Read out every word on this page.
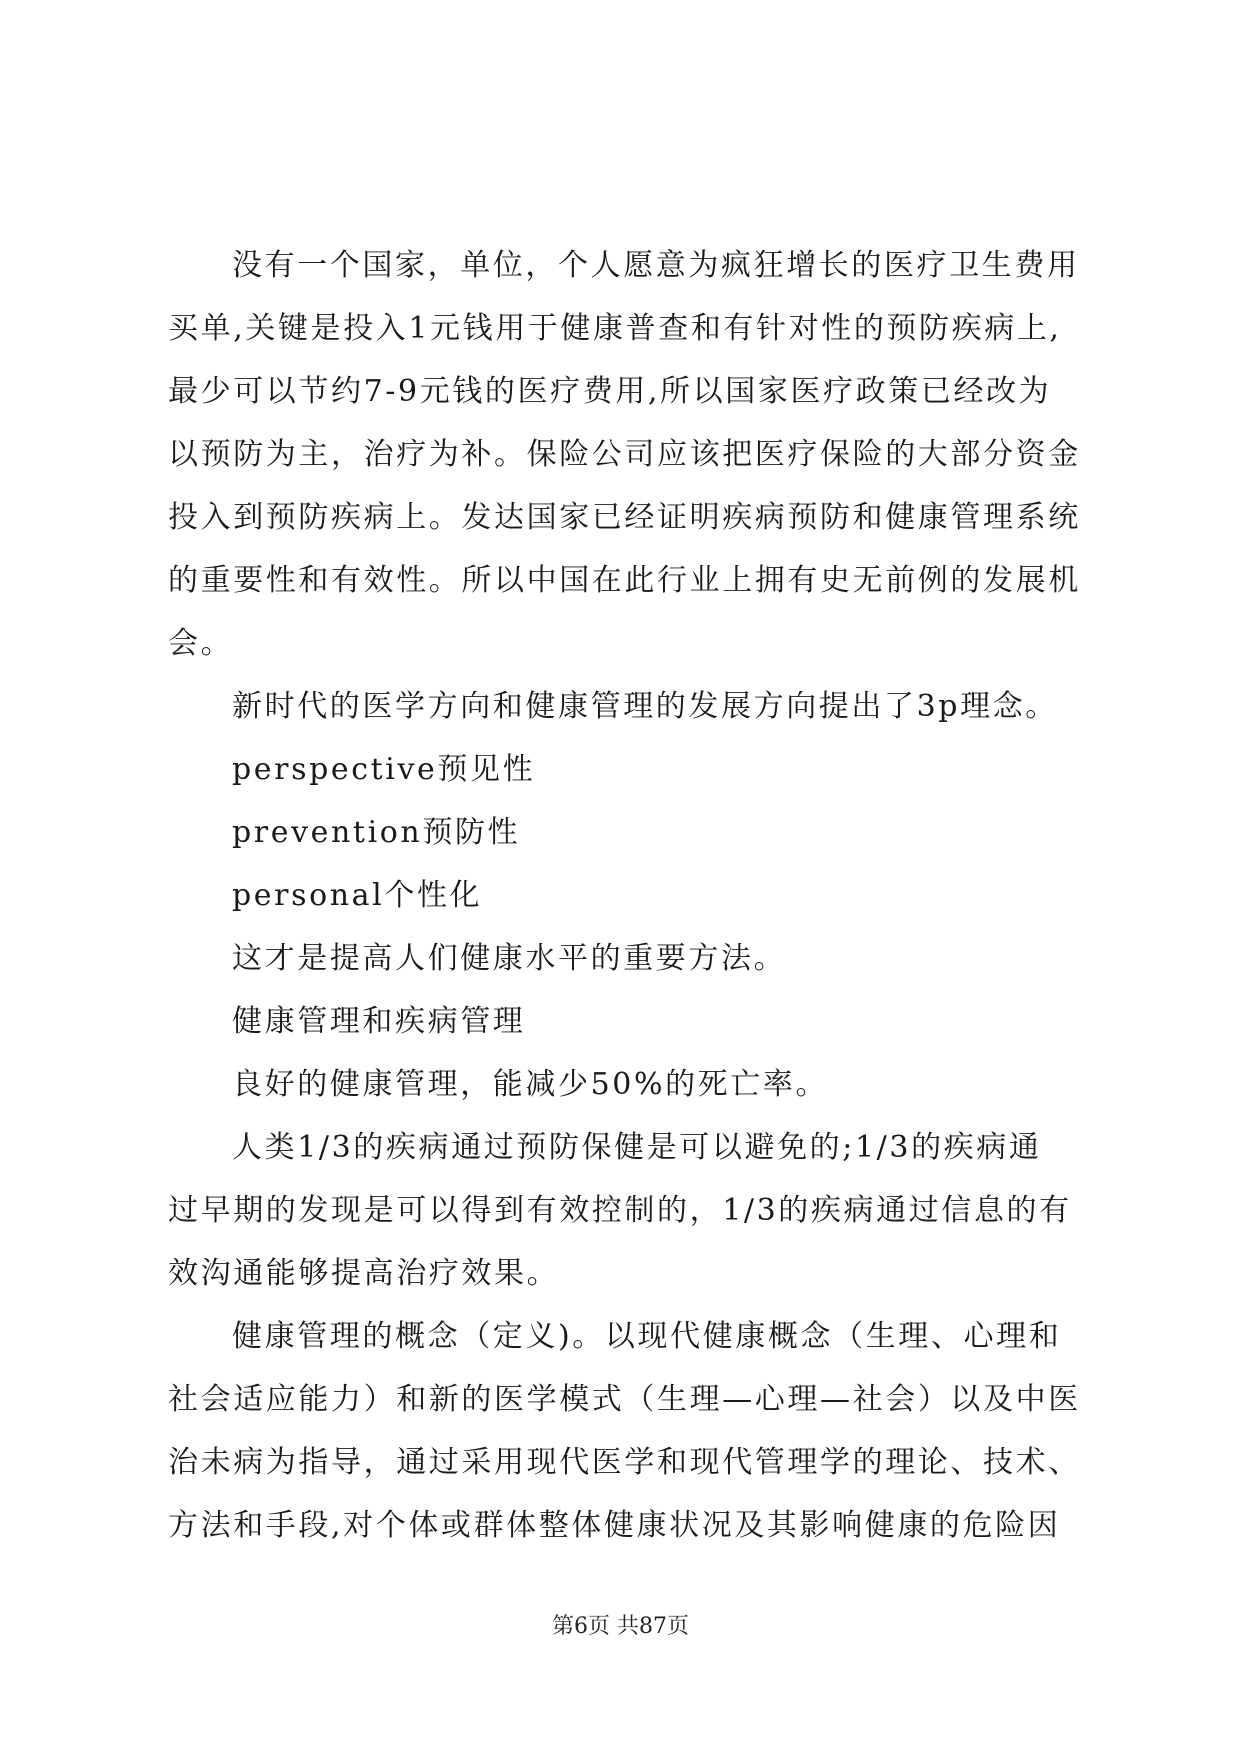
没有一个国家，单位，个人愿意为疯狂增长的医疗卫生费用
买单,关键是投入1元钱用于健康普查和有针对性的预防疾病上,
最少可以节约7-9元钱的医疗费用,所以国家医疗政策已经改为
以预防为主，治疗为补。保险公司应该把医疗保险的大部分资金
投入到预防疾病上。发达国家已经证明疾病预防和健康管理系统
的重要性和有效性。所以中国在此行业上拥有史无前例的发展机
会。
新时代的医学方向和健康管理的发展方向提出了3p理念。
perspective预见性
prevention预防性
personal个性化
这才是提高人们健康水平的重要方法。
健康管理和疾病管理
良好的健康管理，能减少50%的死亡率。
人类1/3的疾病通过预防保健是可以避免的;1/3的疾病通
过早期的发现是可以得到有效控制的，1/3的疾病通过信息的有
效沟通能够提高治疗效果。
健康管理的概念（定义)。以现代健康概念（生理、心理和
社会适应能力）和新的医学模式（生理—心理—社会）以及中医
治未病为指导，通过采用现代医学和现代管理学的理论、技术、
方法和手段,对个体或群体整体健康状况及其影响健康的危险因
第6页 共87页
